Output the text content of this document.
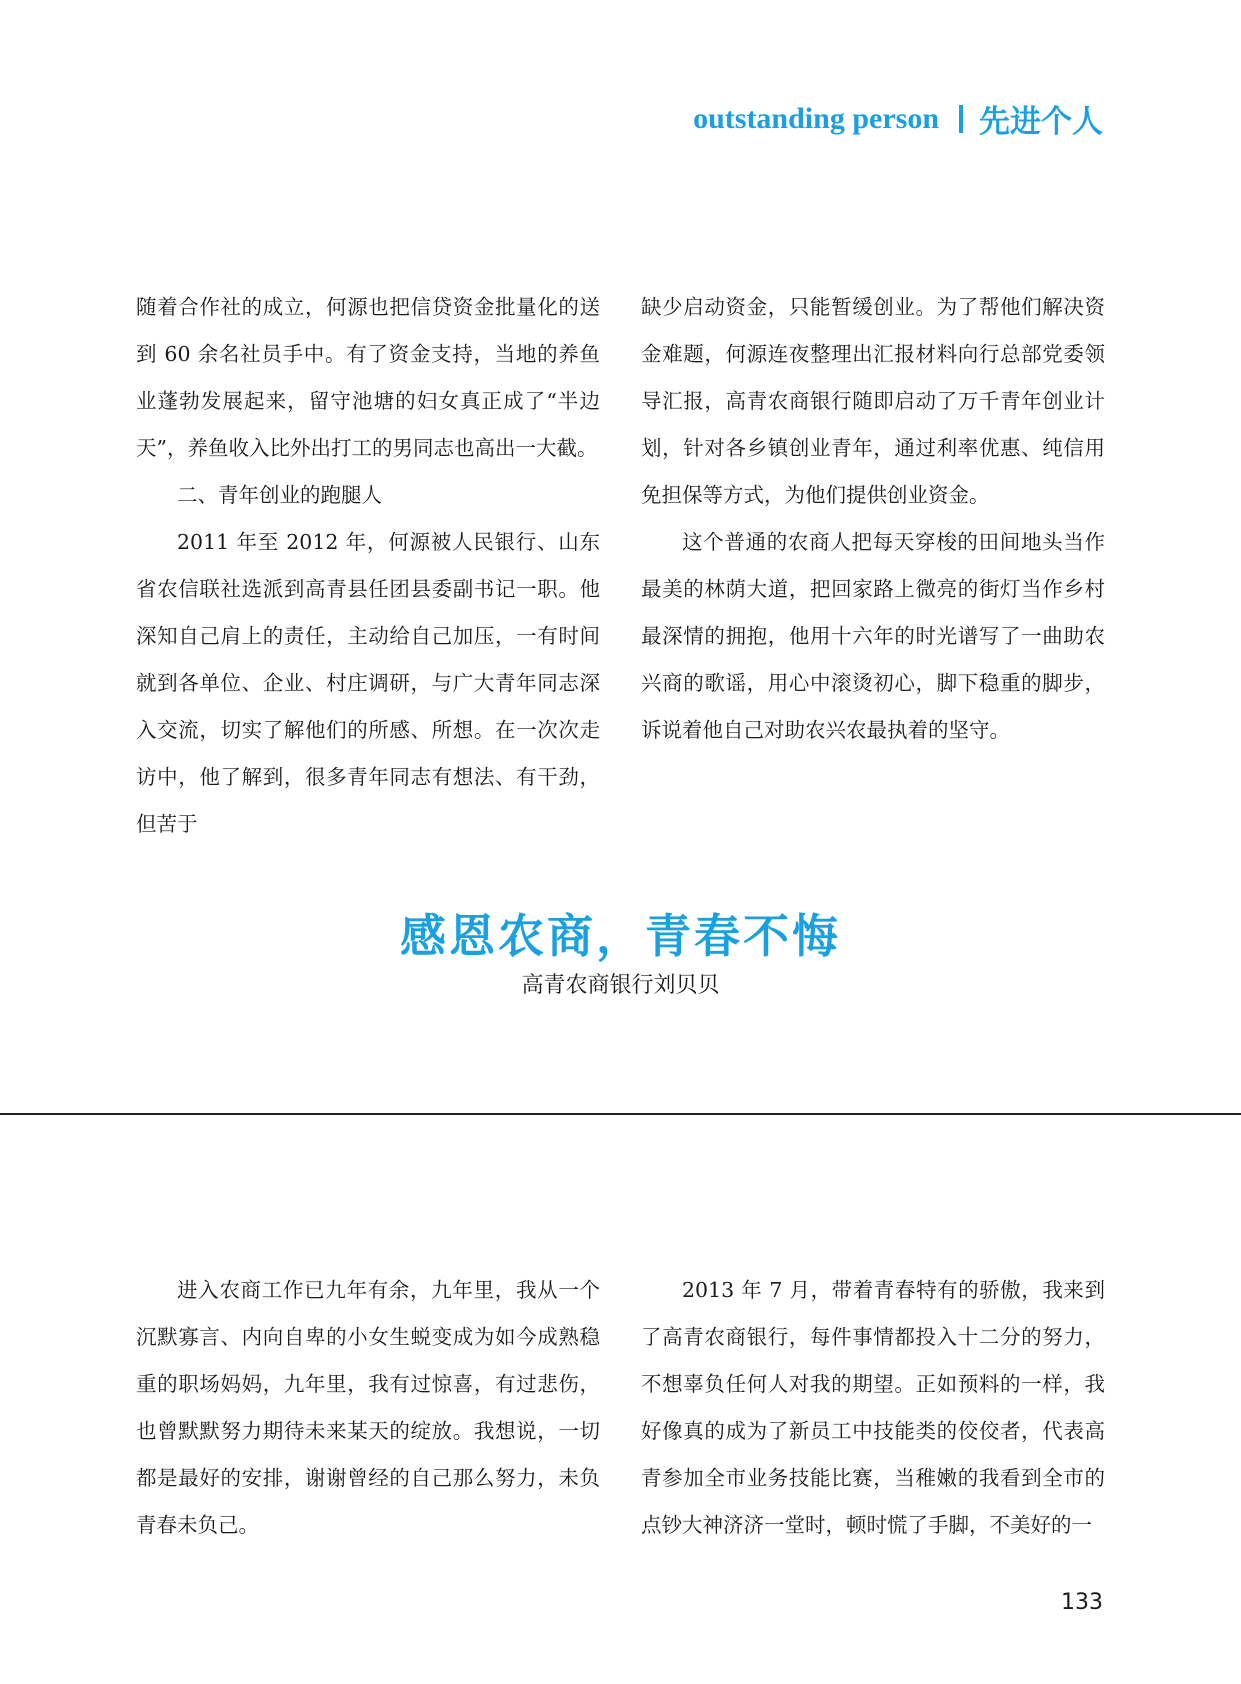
outstanding person 先进个人

随着合作社的成立，何源也把信贷资金批量化的送到 60 余名社员手中。有了资金支持，当地的养鱼业蓬勃发展起来，留守池塘的妇女真正成了“半边天”，养鱼收入比外出打工的男同志也高出一大截。

二、青年创业的跑腿人

2011 年至 2012 年，何源被人民银行、山东省农信联社选派到高青县任团县委副书记一职。他深知自己肩上的责任，主动给自己加压，一有时间就到各单位、企业、村庄调研，与广大青年同志深入交流，切实了解他们的所感、所想。在一次次走访中，他了解到，很多青年同志有想法、有干劲，但苦于

缺少启动资金，只能暂缓创业。为了帮他们解决资金难题，何源连夜整理出汇报材料向行总部党委领导汇报，高青农商银行随即启动了万千青年创业计划，针对各乡镇创业青年，通过利率优惠、纯信用免担保等方式，为他们提供创业资金。

这个普通的农商人把每天穿梭的田间地头当作最美的林荫大道，把回家路上微亮的街灯当作乡村最深情的拥抱，他用十六年的时光谱写了一曲助农兴商的歌谣，用心中滚烫初心，脚下稳重的脚步，诉说着他自己对助农兴农最执着的坚守。

感恩农商，青春不悔
高青农商银行刘贝贝

进入农商工作已九年有余，九年里，我从一个沉默寡言、内向自卑的小女生蜕变成为如今成熟稳重的职场妈妈，九年里，我有过惊喜，有过悲伤，也曾默默努力期待未来某天的绽放。我想说，一切都是最好的安排，谢谢曾经的自己那么努力，未负青春未负己。

2013 年 7 月，带着青春特有的骄傲，我来到了高青农商银行，每件事情都投入十二分的努力，不想辜负任何人对我的期望。正如预料的一样，我好像真的成为了新员工中技能类的佼佼者，代表高青参加全市业务技能比赛，当稚嫩的我看到全市的点钞大神济济一堂时，顿时慌了手脚，不美好的一

133
